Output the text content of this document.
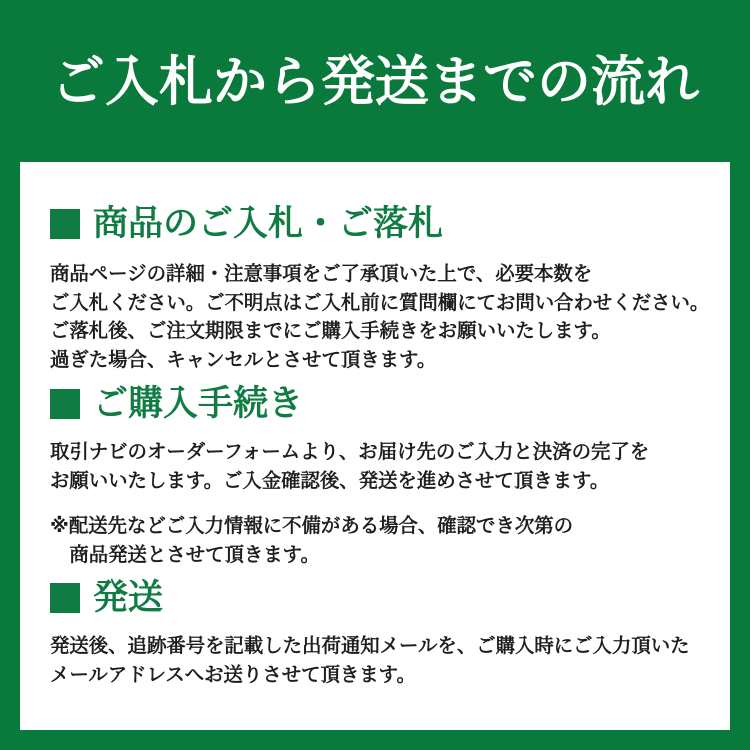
ご入札から発送までの流れ
商品のご入札・ご落札
商品ページの詳細・注意事項をご了承頂いた上で、必要本数を
ご入札ください。ご不明点はご入札前に質問欄にてお問い合わせください。
ご落札後、ご注文期限までにご購入手続きをお願いいたします。
過ぎた場合、キャンセルとさせて頂きます。
ご購入手続き
取引ナビのオーダーフォームより、お届け先のご入力と決済の完了を
お願いいたします。ご入金確認後、発送を進めさせて頂きます。
※配送先などご入力情報に不備がある場合、確認でき次第の
商品発送とさせて頂きます。
発送
発送後、追跡番号を記載した出荷通知メールを、ご購入時にご入力頂いた
メールアドレスへお送りさせて頂きます。
